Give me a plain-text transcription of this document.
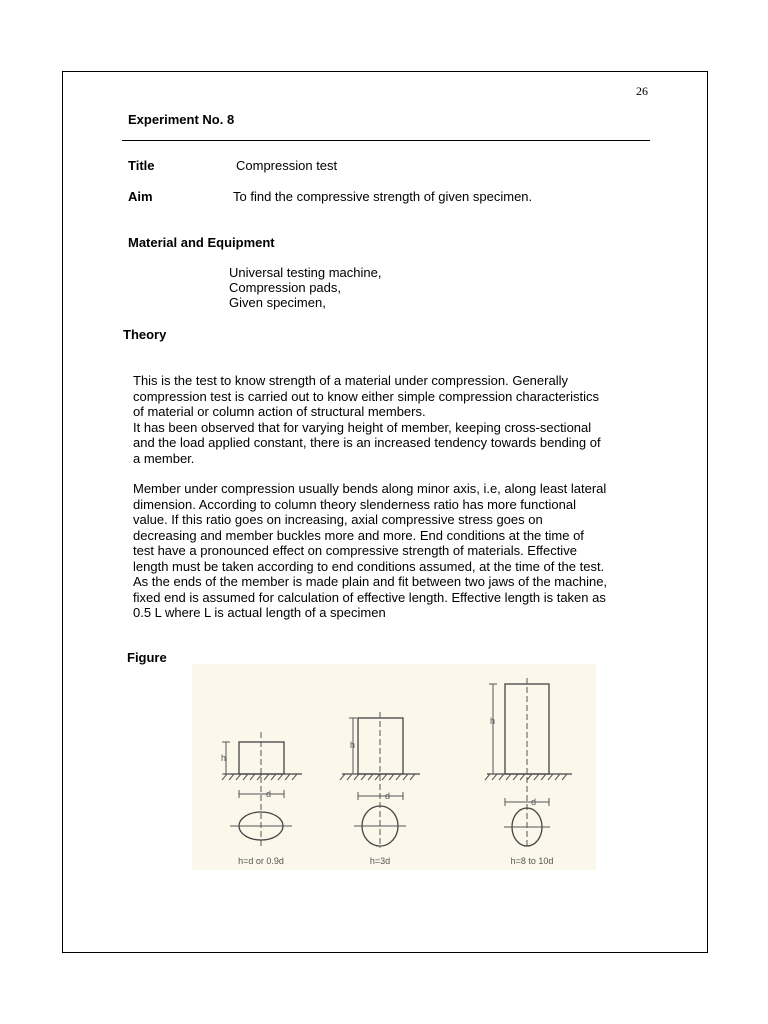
26
Experiment No. 8
Title	Compression test
Aim	To find the compressive strength of given specimen.
Material and Equipment
Universal testing machine,
Compression pads,
Given specimen,
Theory
This is the test to know strength of a material under compression. Generally
compression test is carried out to know either simple compression characteristics
of material or column action of structural members.
It has been observed that for varying height of member, keeping cross-sectional
and the load applied constant, there is an increased tendency towards bending of
a member.
Member under compression usually bends along minor axis, i.e, along least lateral
dimension. According to column theory slenderness ratio has more functional
value. If this ratio goes on increasing, axial compressive stress goes on
decreasing and member buckles more and more. End conditions at the time of
test have a pronounced effect on compressive strength of materials. Effective
length must be taken according to end conditions assumed, at the time of the test.
As the ends of the member is made plain and fit between two jaws of the machine,
fixed end is assumed for calculation of effective length. Effective length is taken as
0.5 L where L is actual length of a specimen
Figure
h
d
h=d or 0.9d
h
d
h=3d
h
d
h=8 to 10d
